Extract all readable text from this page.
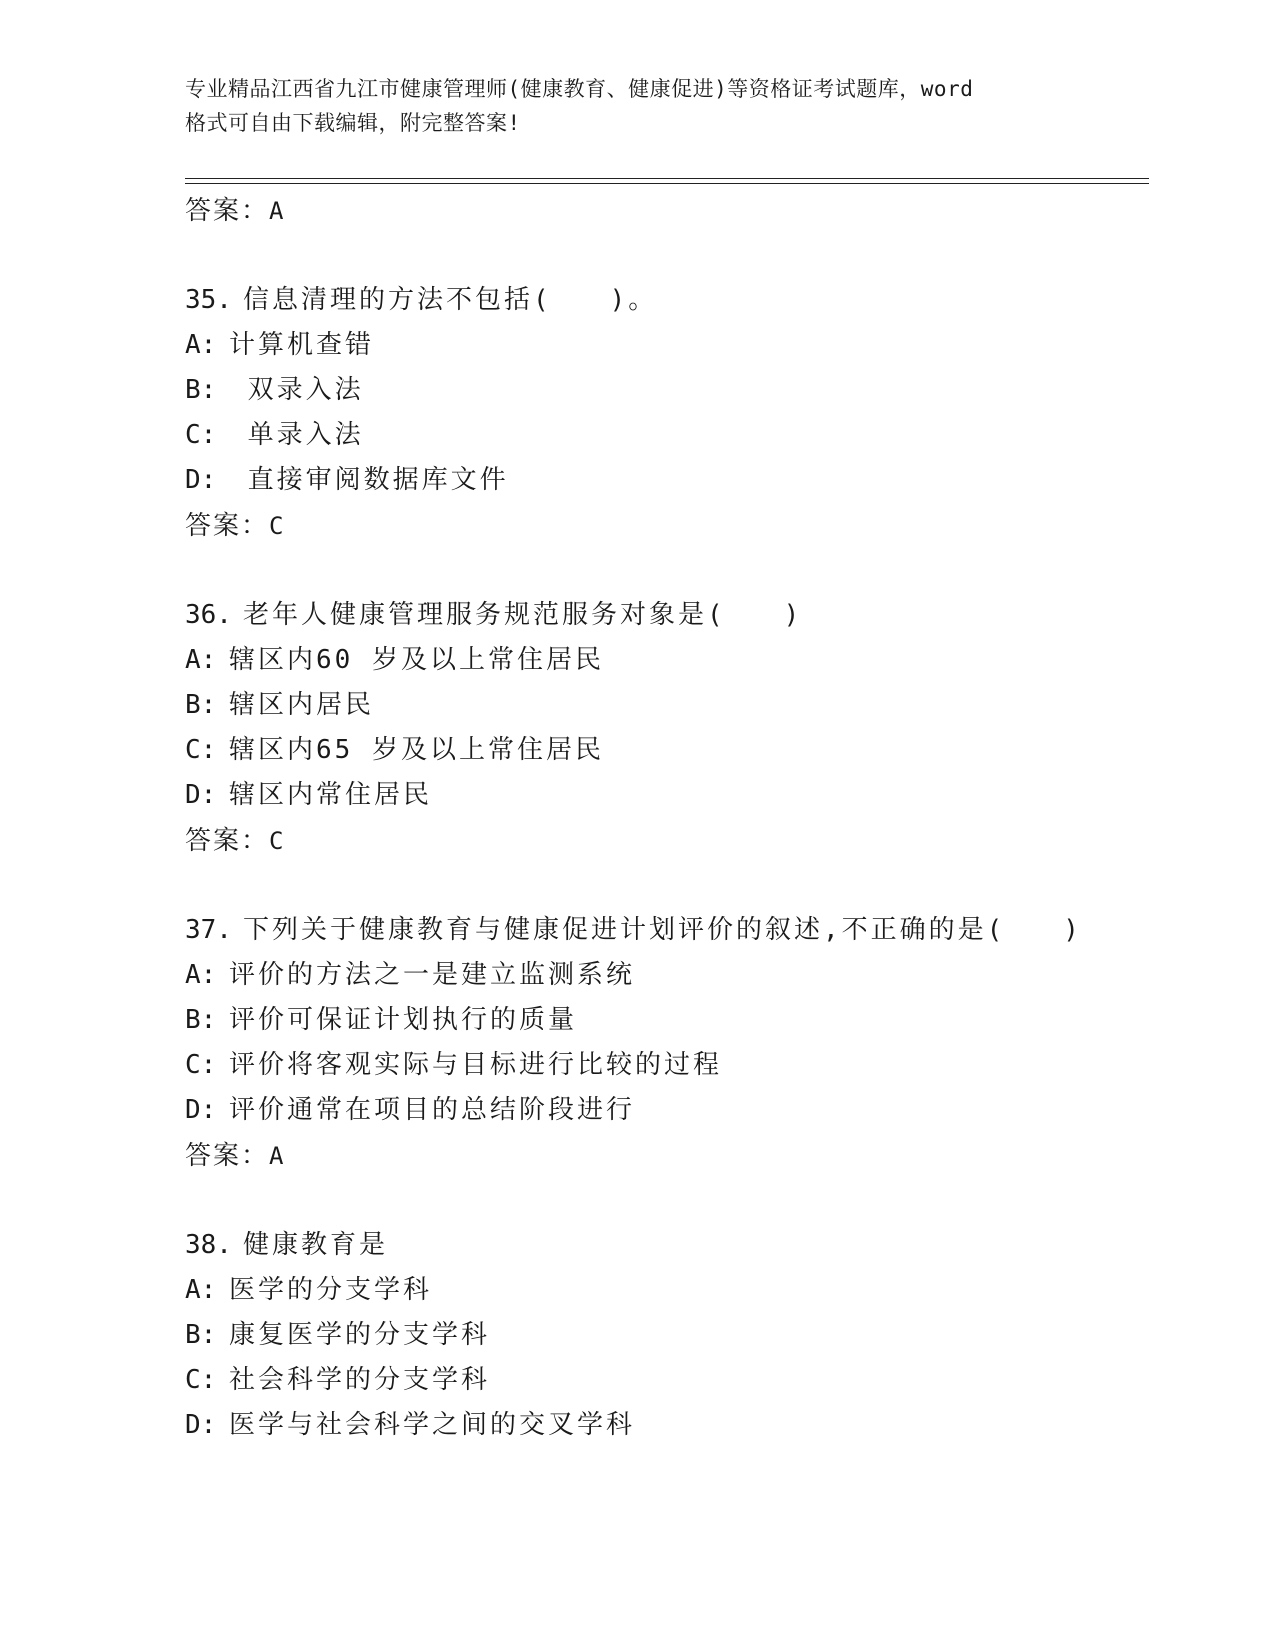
专业精品江西省九江市健康管理师(健康教育、健康促进)等资格证考试题库，word
格式可自由下载编辑，附完整答案!
答案：A
35. 信息清理的方法不包括(　　)。
A: 计算机查错
B: 双录入法
C: 单录入法
D: 直接审阅数据库文件
答案：C
36. 老年人健康管理服务规范服务对象是(　　)
A: 辖区内60 岁及以上常住居民
B: 辖区内居民
C: 辖区内65 岁及以上常住居民
D: 辖区内常住居民
答案：C
37. 下列关于健康教育与健康促进计划评价的叙述,不正确的是(　　)
A: 评价的方法之一是建立监测系统
B: 评价可保证计划执行的质量
C: 评价将客观实际与目标进行比较的过程
D: 评价通常在项目的总结阶段进行
答案：A
38. 健康教育是
A: 医学的分支学科
B: 康复医学的分支学科
C: 社会科学的分支学科
D: 医学与社会科学之间的交叉学科
